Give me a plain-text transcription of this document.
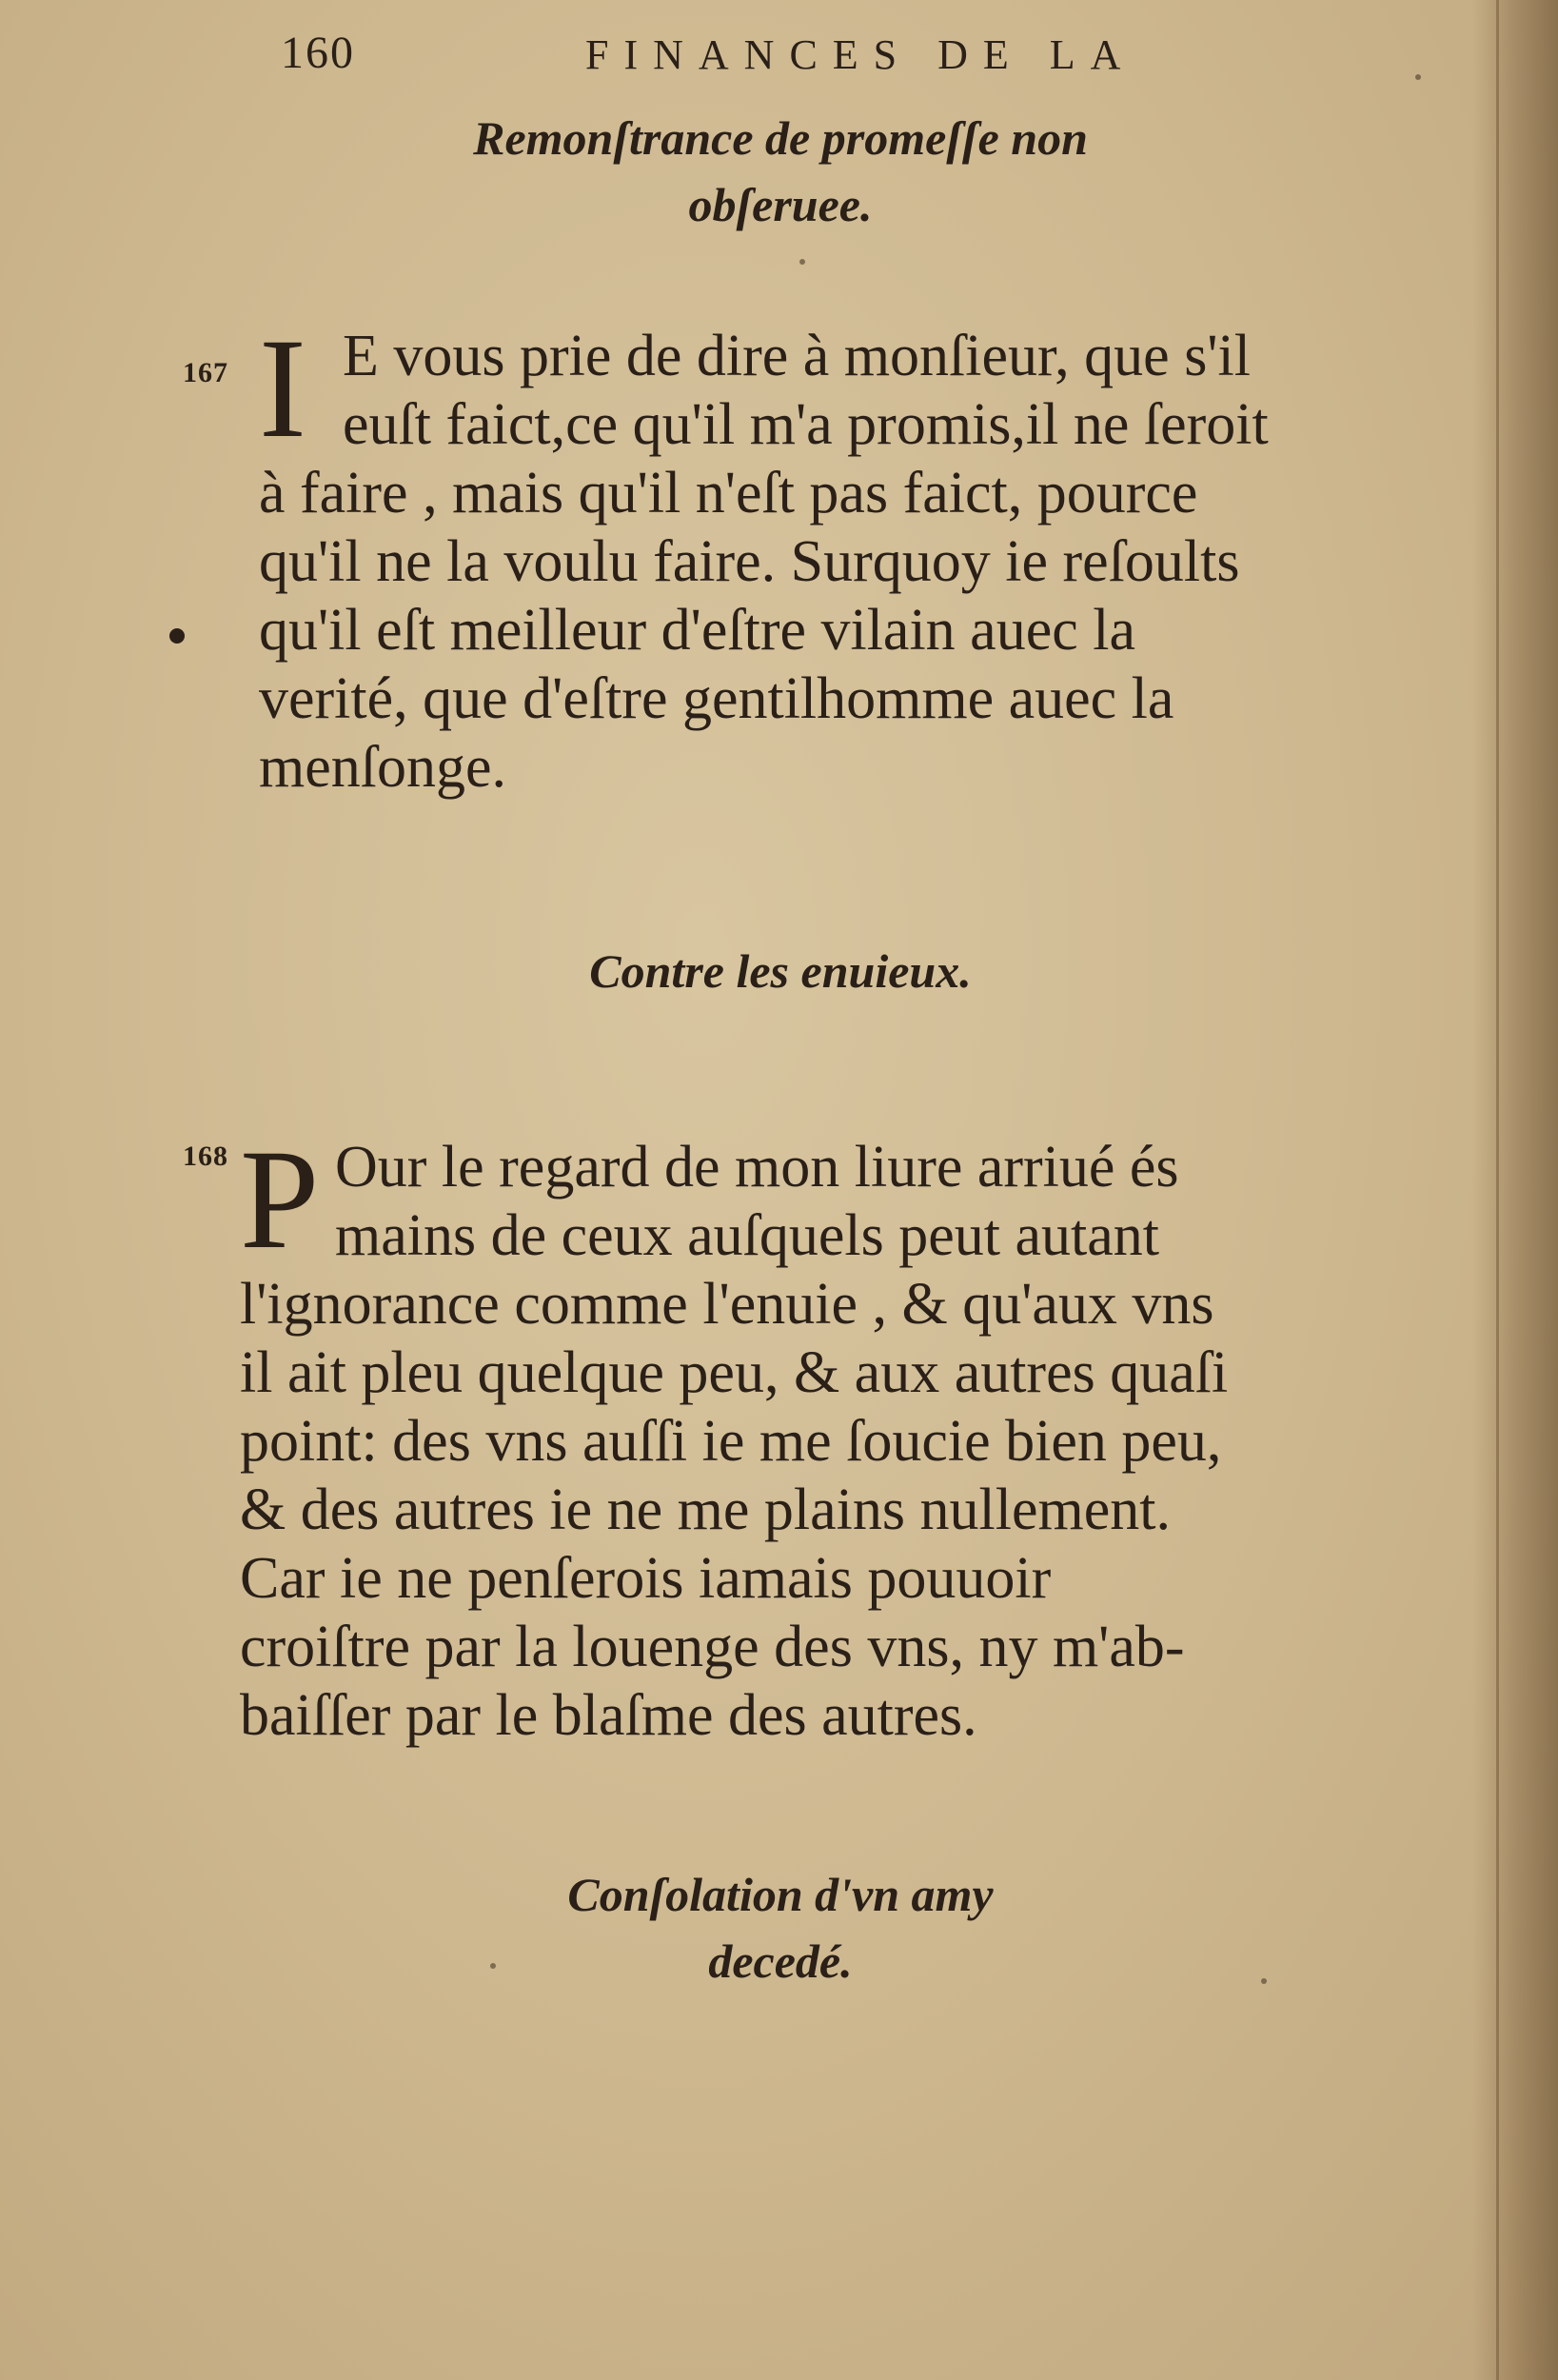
160	FINANCES DE LA
Remonſtrance de promeſſe non
obſeruee.
167 I E vous prie de dire à monſieur, que s'il
euſt faict,ce qu'il m'a promis,il ne ſeroit
à faire , mais qu'il n'eſt pas faict, pource
qu'il ne la voulu faire. Surquoy ie reſoults
qu'il eſt meilleur d'eſtre vilain auec la
verité, que d'eſtre gentilhomme auec la
menſonge.
Contre les enuieux.
168 P Our le regard de mon liure arriué és
mains de ceux auſquels peut autant
l'ignorance comme l'enuie , & qu'aux vns
il ait pleu quelque peu, & aux autres quaſi
point: des vns auſſi ie me ſoucie bien peu,
& des autres ie ne me plains nullement.
Car ie ne penſerois iamais pouuoir
croiſtre par la louenge des vns, ny m'ab-
baiſſer par le blaſme des autres.
Conſolation d'vn amy
decedé.
